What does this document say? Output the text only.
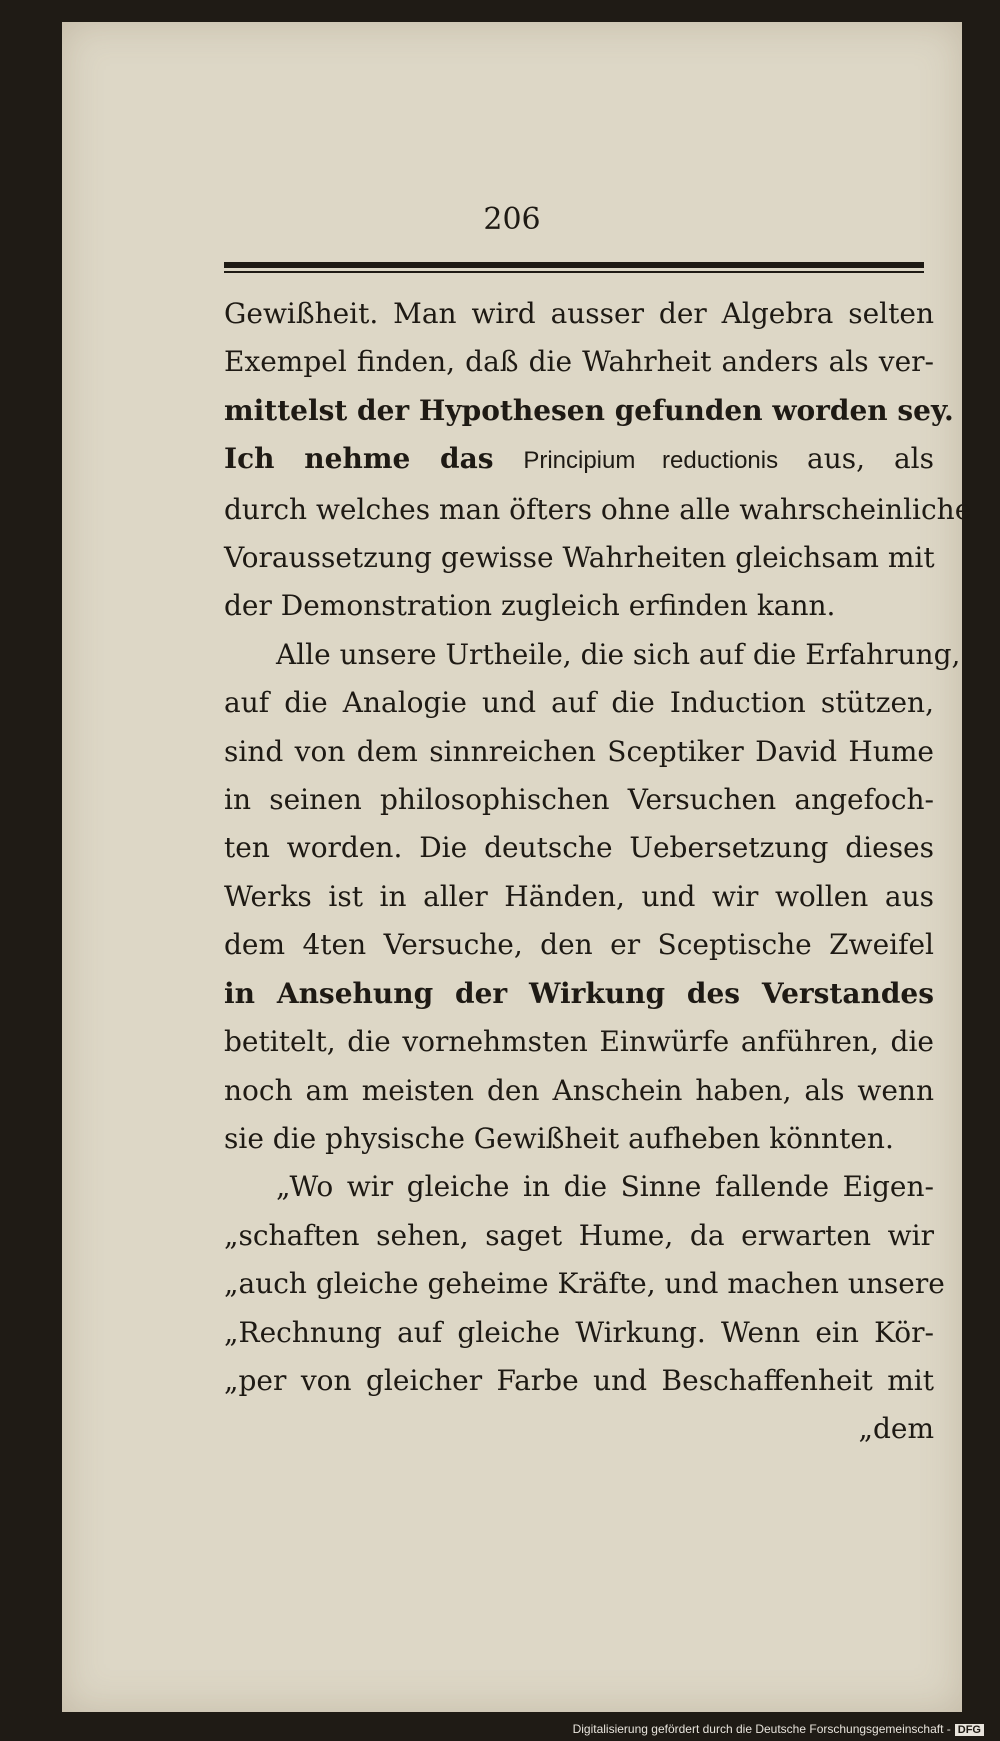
206
Gewißheit. Man wird ausser der Algebra selten
Exempel finden, daß die Wahrheit anders als ver-
mittelst der Hypothesen gefunden worden sey.
Ich nehme das Principium reductionis aus, als
durch welches man öfters ohne alle wahrscheinliche
Voraussetzung gewisse Wahrheiten gleichsam mit
der Demonstration zugleich erfinden kann.
Alle unsere Urtheile, die sich auf die Erfahrung,
auf die Analogie und auf die Induction stützen,
sind von dem sinnreichen Sceptiker David Hume
in seinen philosophischen Versuchen angefoch-
ten worden. Die deutsche Uebersetzung dieses
Werks ist in aller Händen, und wir wollen aus
dem 4ten Versuche, den er Sceptische Zweifel
in Ansehung der Wirkung des Verstandes
betitelt, die vornehmsten Einwürfe anführen, die
noch am meisten den Anschein haben, als wenn
sie die physische Gewißheit aufheben könnten.
„Wo wir gleiche in die Sinne fallende Eigen-
„schaften sehen, saget Hume, da erwarten wir
„auch gleiche geheime Kräfte, und machen unsere
„Rechnung auf gleiche Wirkung. Wenn ein Kör-
„per von gleicher Farbe und Beschaffenheit mit
„dem
Digitalisierung gefördert durch die Deutsche Forschungsgemeinschaft - DFG
